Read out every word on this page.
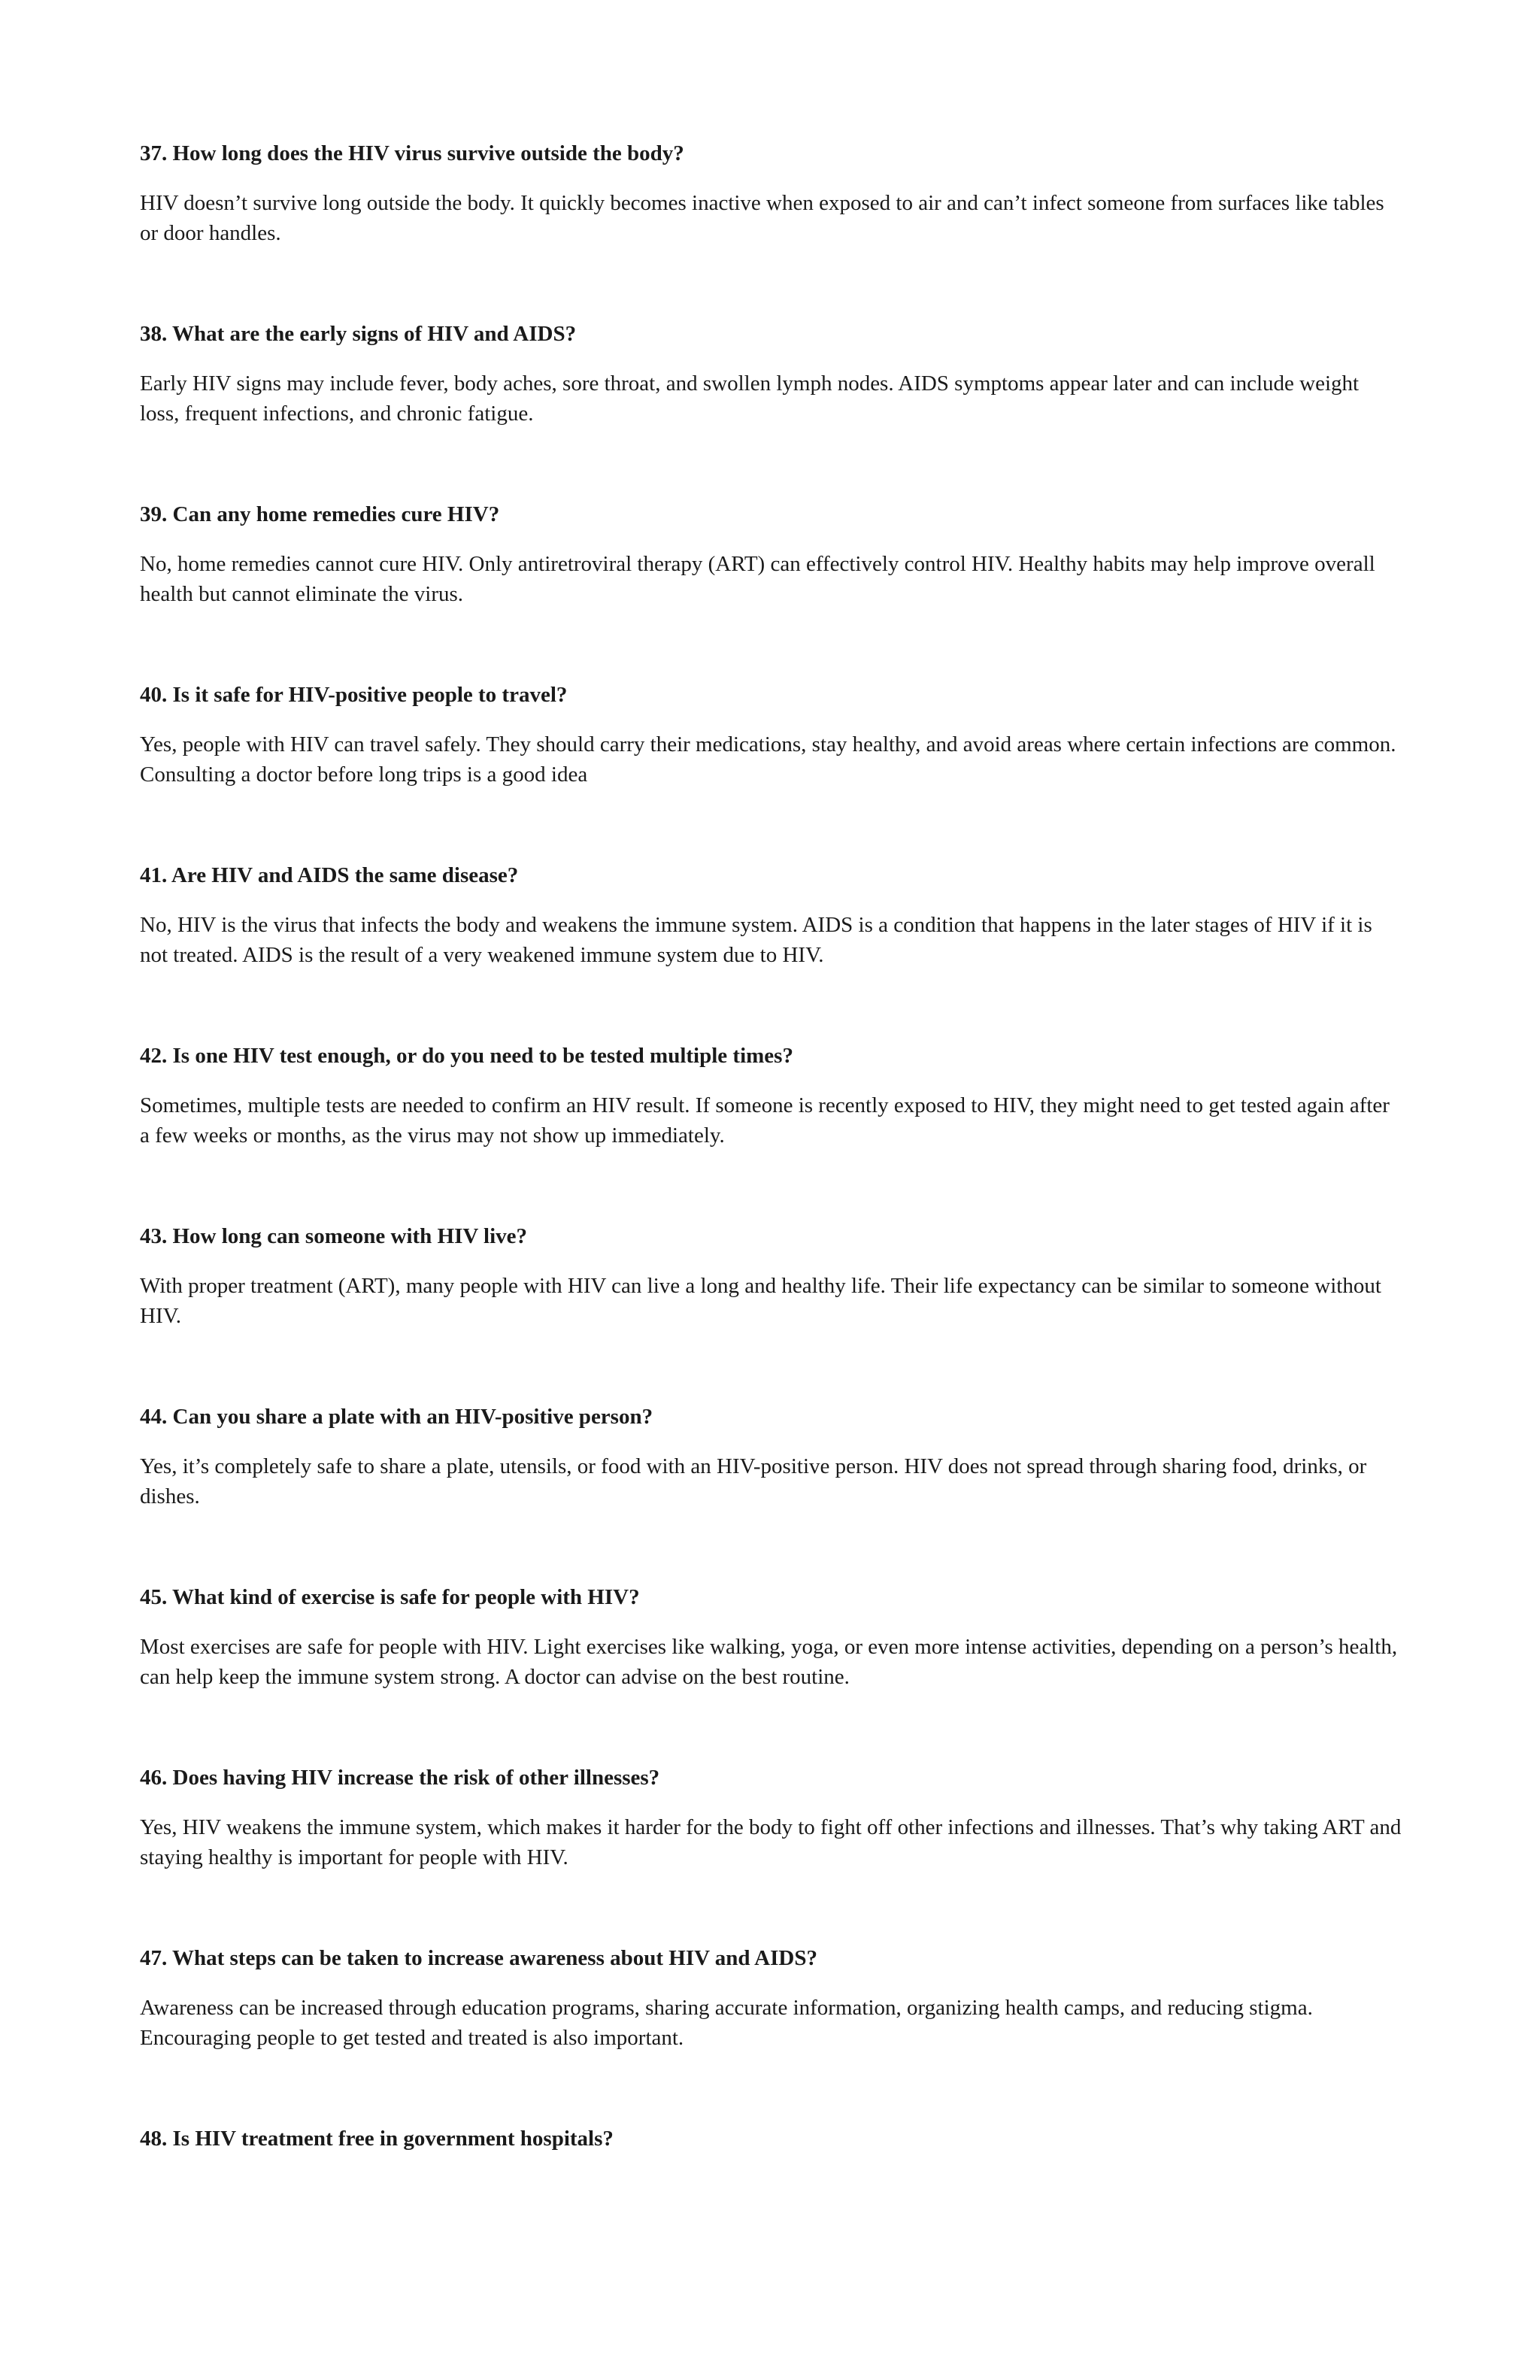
37. How long does the HIV virus survive outside the body?

HIV doesn’t survive long outside the body. It quickly becomes inactive when exposed to air and can’t infect someone from surfaces like tables or door handles.

38. What are the early signs of HIV and AIDS?

Early HIV signs may include fever, body aches, sore throat, and swollen lymph nodes. AIDS symptoms appear later and can include weight loss, frequent infections, and chronic fatigue.

39. Can any home remedies cure HIV?

No, home remedies cannot cure HIV. Only antiretroviral therapy (ART) can effectively control HIV. Healthy habits may help improve overall health but cannot eliminate the virus.

40. Is it safe for HIV-positive people to travel?

Yes, people with HIV can travel safely. They should carry their medications, stay healthy, and avoid areas where certain infections are common. Consulting a doctor before long trips is a good idea

41. Are HIV and AIDS the same disease?

No, HIV is the virus that infects the body and weakens the immune system. AIDS is a condition that happens in the later stages of HIV if it is not treated. AIDS is the result of a very weakened immune system due to HIV.

42. Is one HIV test enough, or do you need to be tested multiple times?

Sometimes, multiple tests are needed to confirm an HIV result. If someone is recently exposed to HIV, they might need to get tested again after a few weeks or months, as the virus may not show up immediately.

43. How long can someone with HIV live?

With proper treatment (ART), many people with HIV can live a long and healthy life. Their life expectancy can be similar to someone without HIV.

44. Can you share a plate with an HIV-positive person?

Yes, it’s completely safe to share a plate, utensils, or food with an HIV-positive person. HIV does not spread through sharing food, drinks, or dishes.

45. What kind of exercise is safe for people with HIV?

Most exercises are safe for people with HIV. Light exercises like walking, yoga, or even more intense activities, depending on a person’s health, can help keep the immune system strong. A doctor can advise on the best routine.

46. Does having HIV increase the risk of other illnesses?

Yes, HIV weakens the immune system, which makes it harder for the body to fight off other infections and illnesses. That’s why taking ART and staying healthy is important for people with HIV.

47. What steps can be taken to increase awareness about HIV and AIDS?

Awareness can be increased through education programs, sharing accurate information, organizing health camps, and reducing stigma. Encouraging people to get tested and treated is also important.

48. Is HIV treatment free in government hospitals?
